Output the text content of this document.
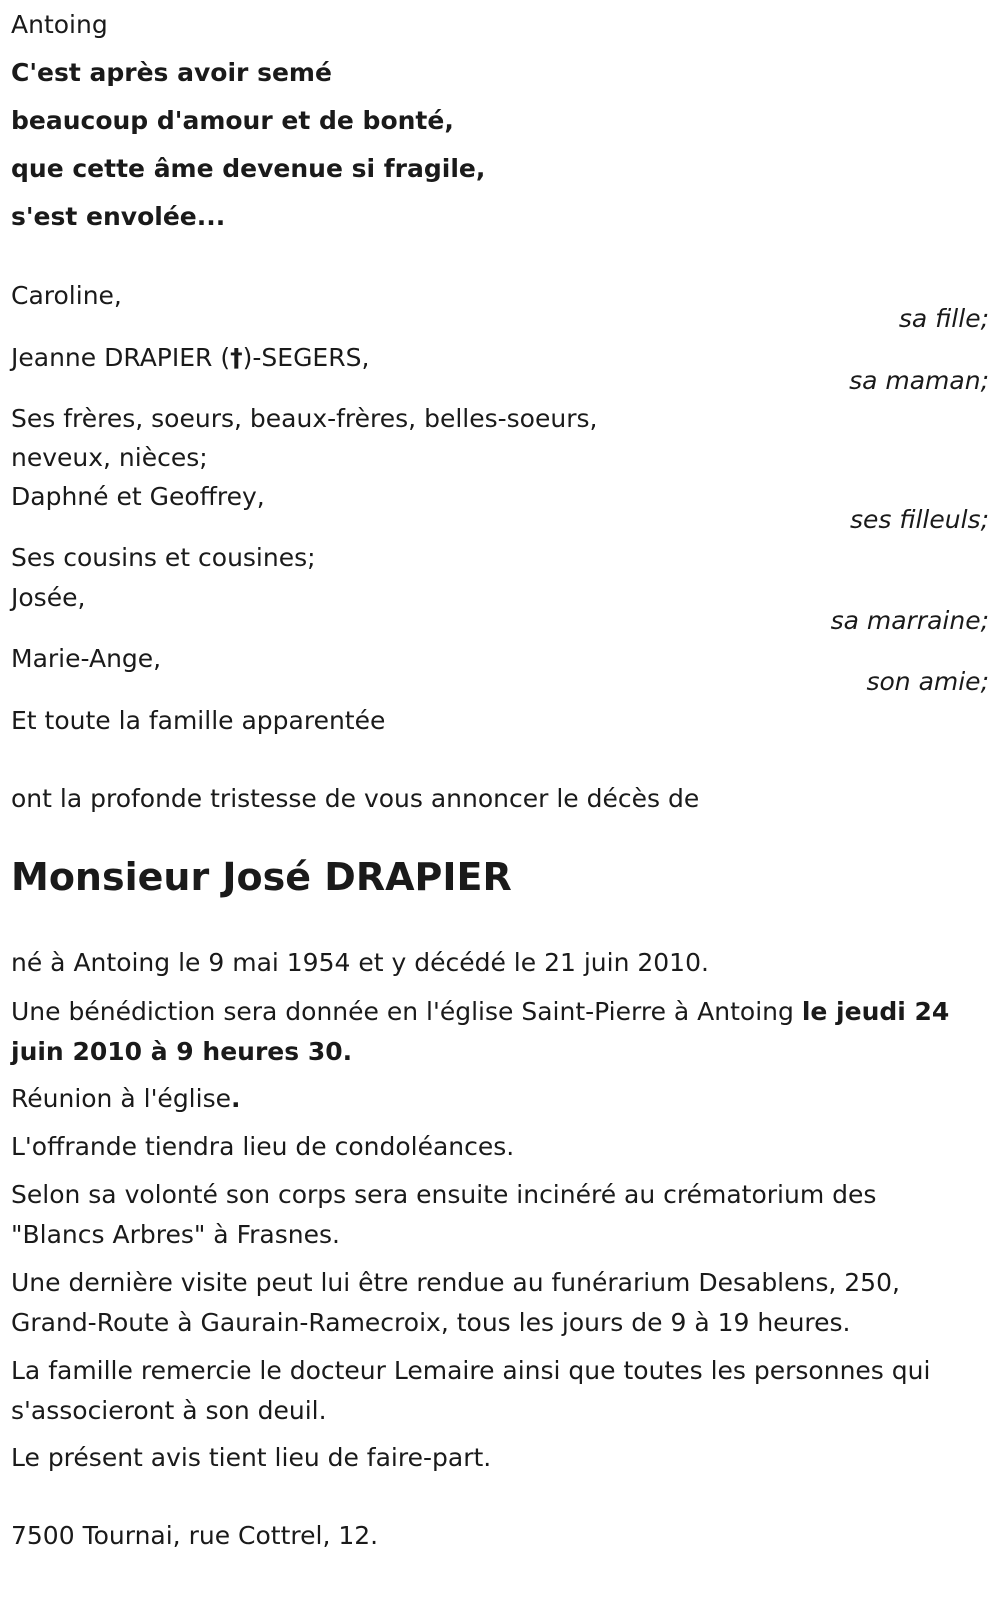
Antoing

C'est après avoir semé

beaucoup d'amour et de bonté,

que cette âme devenue si fragile,

s'est envolée...

Caroline,

sa fille;

Jeanne DRAPIER (†)-SEGERS,

sa maman;

Ses frères, soeurs, beaux-frères, belles-soeurs,

neveux, nièces;

Daphné et Geoffrey,

ses filleuls;

Ses cousins et cousines;

Josée,

sa marraine;

Marie-Ange,

son amie;

Et toute la famille apparentée

ont la profonde tristesse de vous annoncer le décès de

Monsieur José DRAPIER

né à Antoing le 9 mai 1954 et y décédé le 21 juin 2010.

Une bénédiction sera donnée en l'église Saint-Pierre à Antoing le jeudi 24 juin 2010 à 9 heures 30.

Réunion à l'église.

L'offrande tiendra lieu de condoléances.

Selon sa volonté son corps sera ensuite incinéré au crématorium des "Blancs Arbres" à Frasnes.

Une dernière visite peut lui être rendue au funérarium Desablens, 250, Grand-Route à Gaurain-Ramecroix, tous les jours de 9 à 19 heures.

La famille remercie le docteur Lemaire ainsi que toutes les personnes qui s'associeront à son deuil.

Le présent avis tient lieu de faire-part.

7500 Tournai, rue Cottrel, 12.
